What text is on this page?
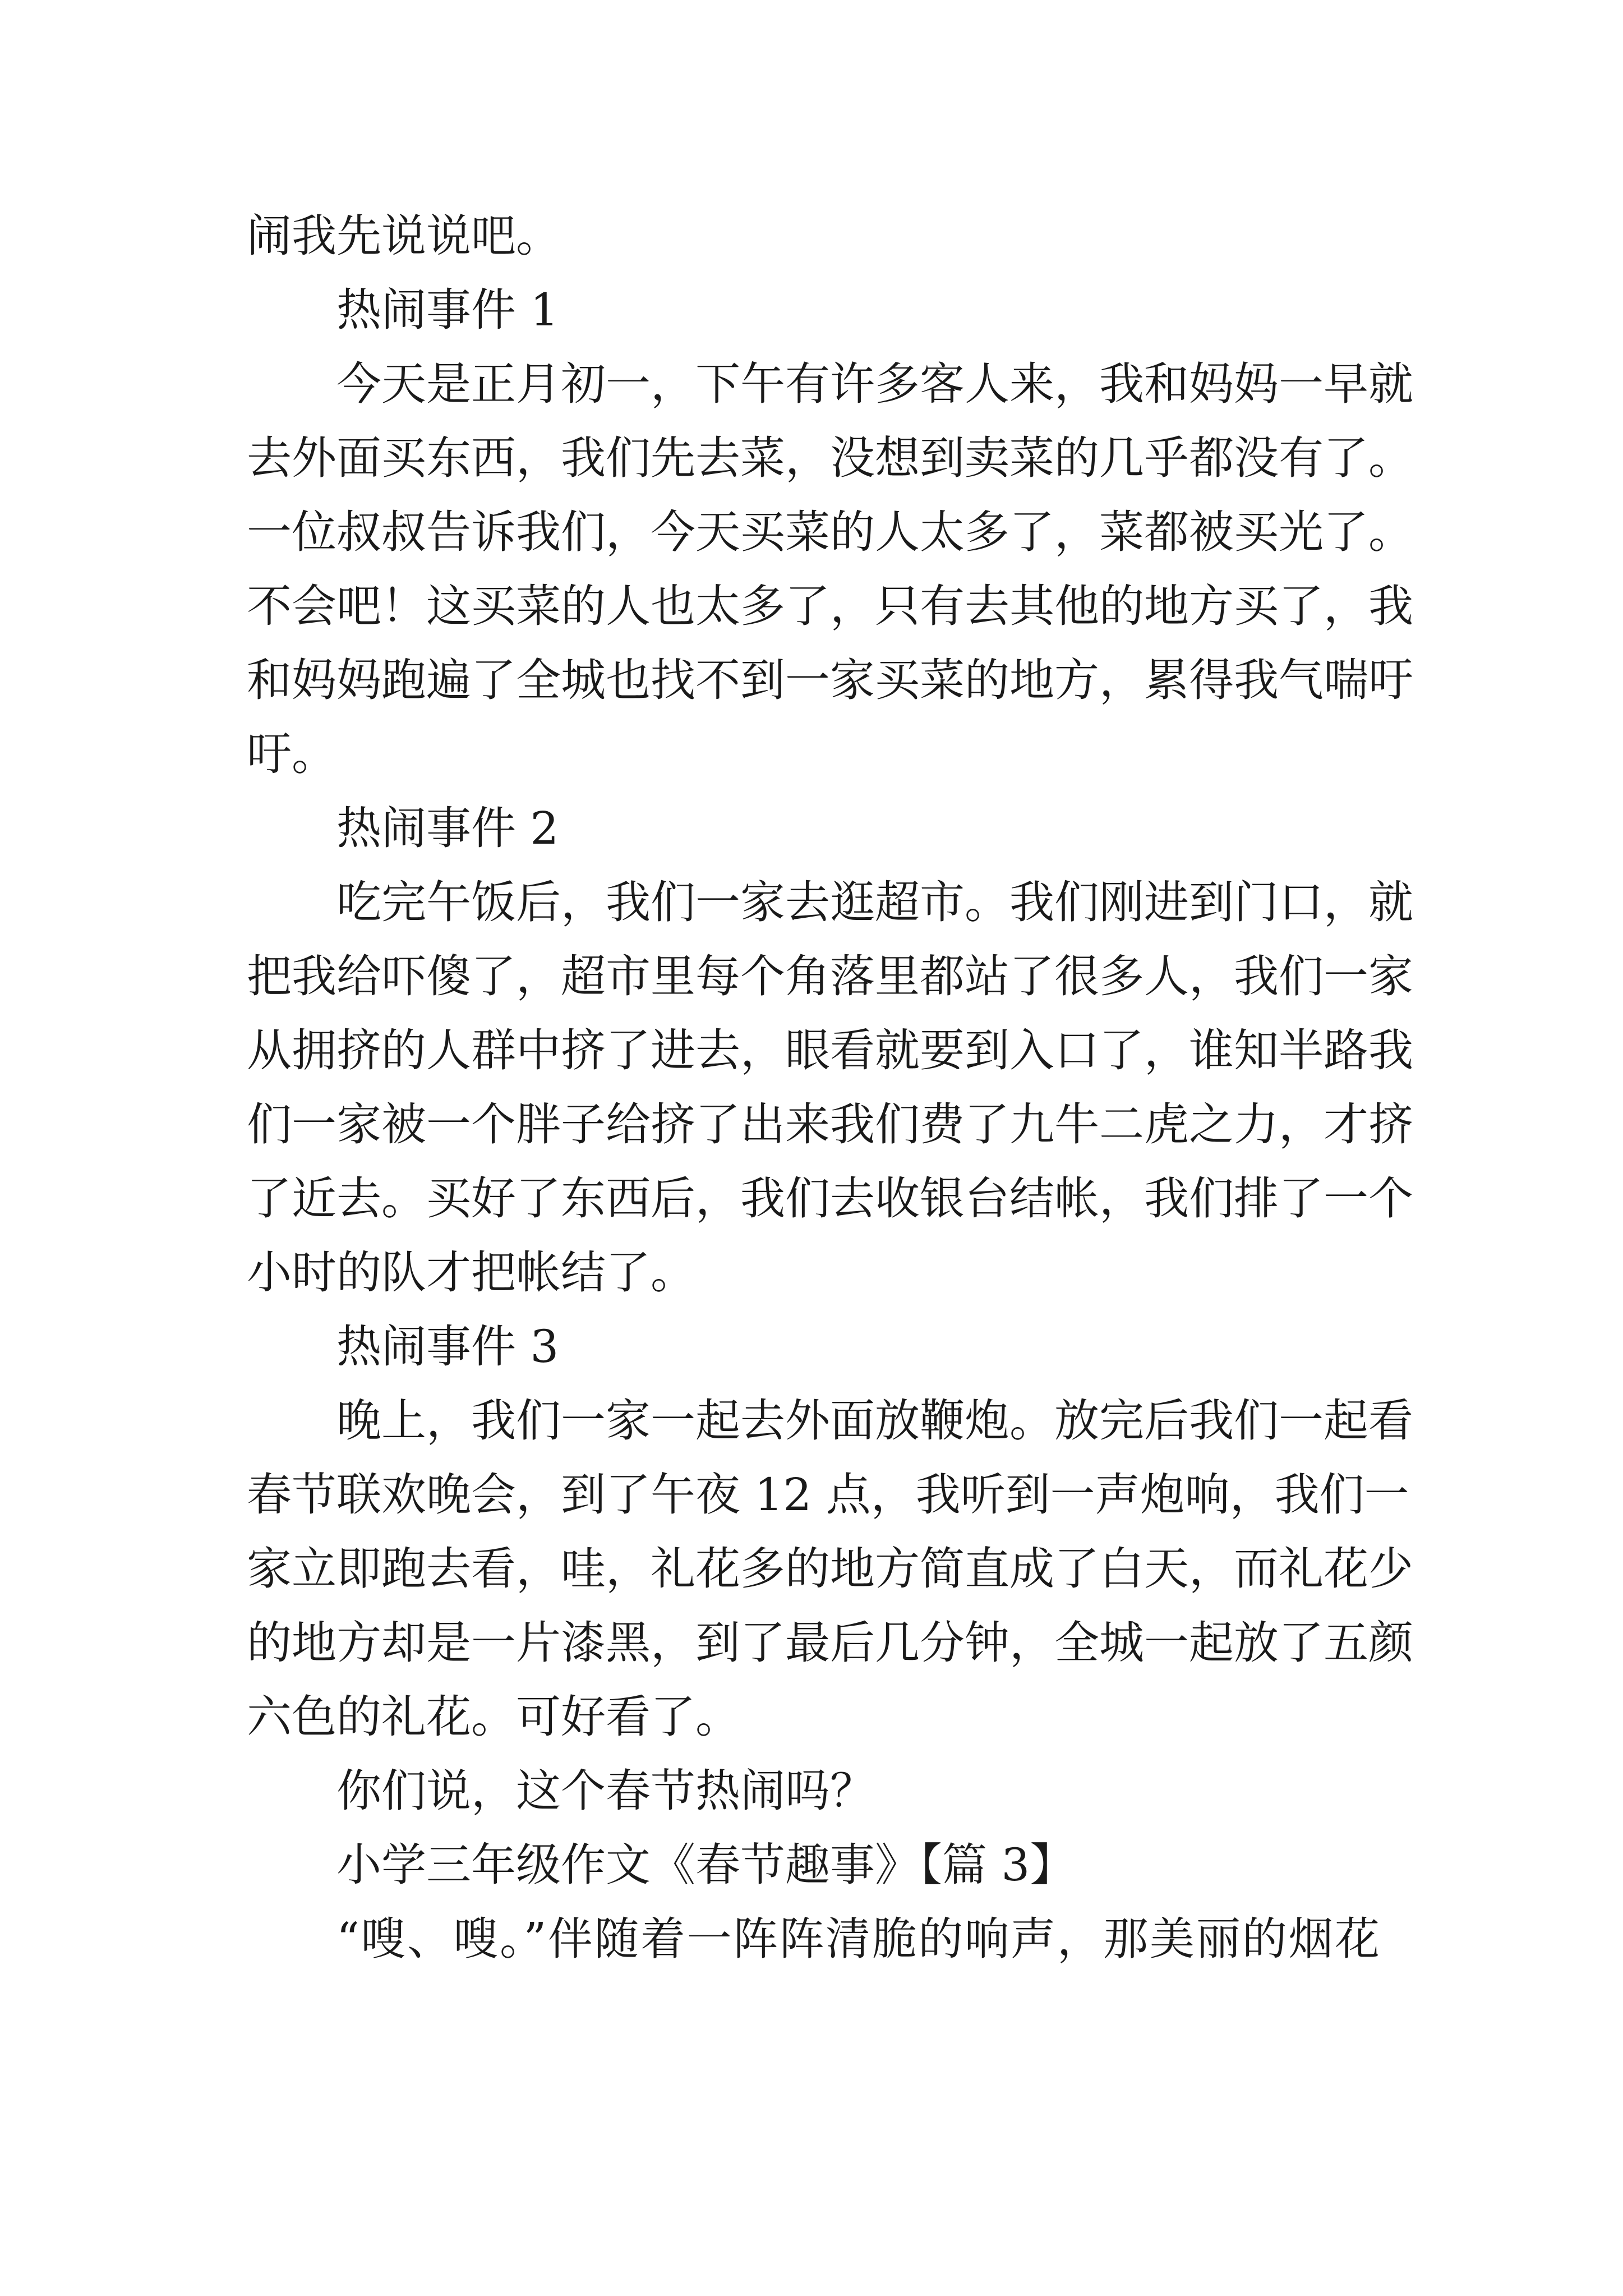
闹我先说说吧。
热闹事件 1
今天是正月初一，下午有许多客人来，我和妈妈一早就
去外面买东西，我们先去菜，没想到卖菜的几乎都没有了。
一位叔叔告诉我们，今天买菜的人太多了，菜都被买光了。
不会吧！这买菜的人也太多了，只有去其他的地方买了，我
和妈妈跑遍了全城也找不到一家买菜的地方，累得我气喘吁
吁。
热闹事件 2
吃完午饭后，我们一家去逛超市。我们刚进到门口，就
把我给吓傻了，超市里每个角落里都站了很多人，我们一家
从拥挤的人群中挤了进去，眼看就要到入口了，谁知半路我
们一家被一个胖子给挤了出来我们费了九牛二虎之力，才挤
了近去。买好了东西后，我们去收银台结帐，我们排了一个
小时的队才把帐结了。
热闹事件 3
晚上，我们一家一起去外面放鞭炮。放完后我们一起看
春节联欢晚会，到了午夜 12 点，我听到一声炮响，我们一
家立即跑去看，哇，礼花多的地方简直成了白天，而礼花少
的地方却是一片漆黑，到了最后几分钟，全城一起放了五颜
六色的礼花。可好看了。
你们说，这个春节热闹吗？
小学三年级作文《春节趣事》【篇 3】
“嗖、嗖。”伴随着一阵阵清脆的响声，那美丽的烟花
